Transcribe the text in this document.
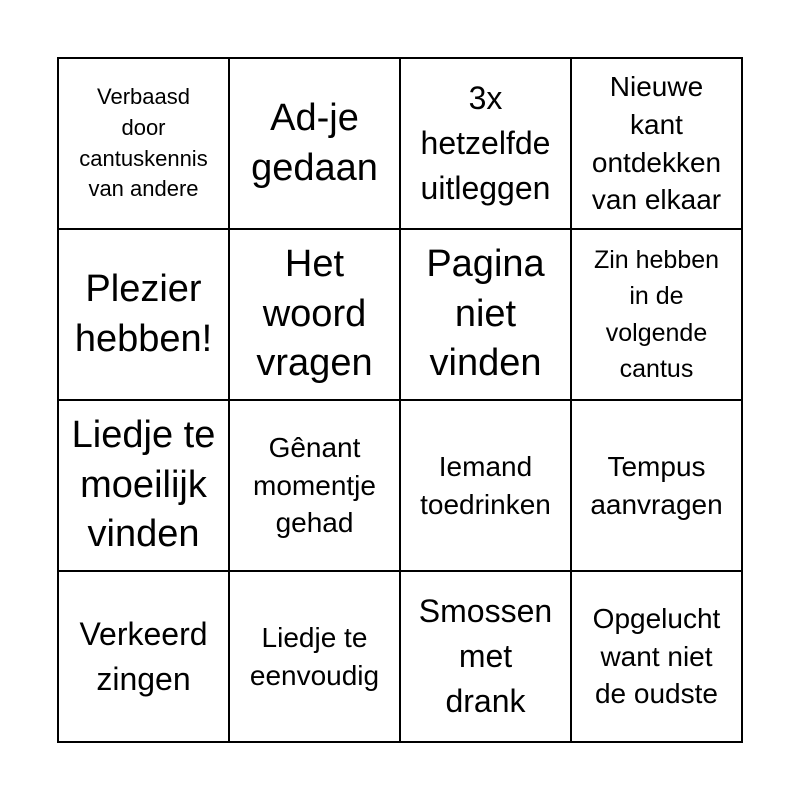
Verbaasd
door
cantuskennis
van andere
Ad-je
gedaan
3x
hetzelfde
uitleggen
Nieuwe
kant
ontdekken
van elkaar
Plezier
hebben!
Het
woord
vragen
Pagina
niet
vinden
Zin hebben
in de
volgende
cantus
Liedje te
moeilijk
vinden
Gênant
momentje
gehad
Iemand
toedrinken
Tempus
aanvragen
Verkeerd
zingen
Liedje te
eenvoudig
Smossen
met
drank
Opgelucht
want niet
de oudste
